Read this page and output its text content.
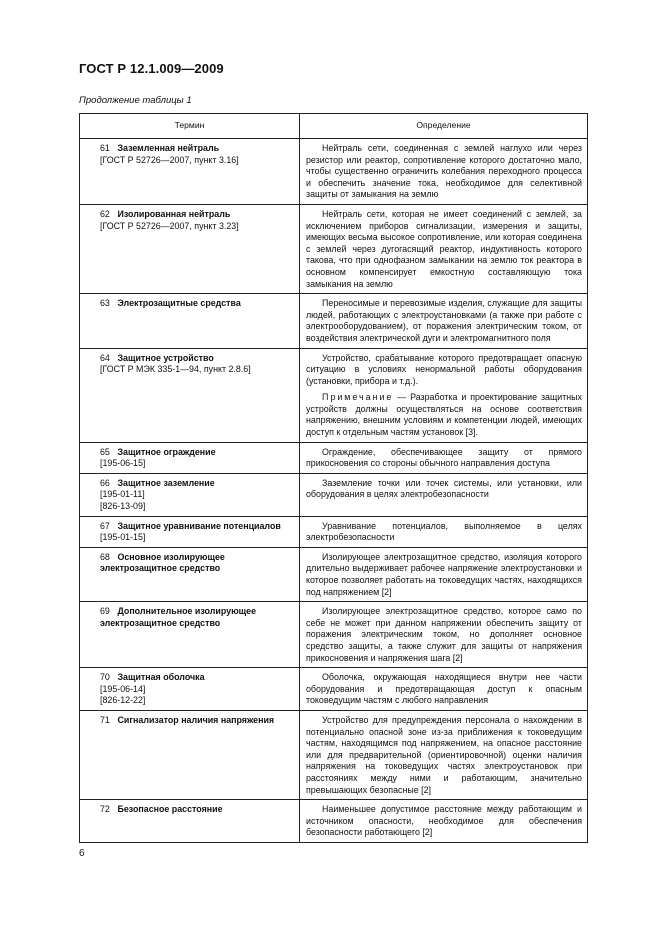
ГОСТ Р 12.1.009—2009
Продолжение таблицы 1
Термин	Определение

61 Заземленная нейтраль
[ГОСТ Р 52726—2007, пункт 3.16]	Нейтраль сети, соединенная с землей наглухо или через резистор или реактор, сопротивление которого достаточно мало, чтобы существенно ограничить колебания переходного процесса и обеспечить значение тока, необходимое для селективной защиты от замыкания на землю

62 Изолированная нейтраль
[ГОСТ Р 52726—2007, пункт 3.23]	Нейтраль сети, которая не имеет соединений с землей, за исключением приборов сигнализации, измерения и защиты, имеющих весьма высокое сопротивление, или которая соединена с землей через дугогасящий реактор, индуктивность которого такова, что при однофазном замыкании на землю ток реактора в основном компенсирует емкостную составляющую тока замыкания на землю

63 Электрозащитные средства	Переносимые и перевозимые изделия, служащие для защиты людей, работающих с электроустановками (а также при работе с электрооборудованием), от поражения электрическим током, от воздействия электрической дуги и электромагнитного поля

64 Защитное устройство
[ГОСТ Р МЭК 335-1—94, пункт 2.8.6]	Устройство, срабатывание которого предотвращает опасную ситуацию в условиях ненормальной работы оборудования (установки, прибора и т.д.).
Примечание — Разработка и проектирование защитных устройств должны осуществляться на основе соответствия напряжению, внешним условиям и компетенции людей, имеющих доступ к отдельным частям установок [3].

65 Защитное ограждение
[195-06-15]	Ограждение, обеспечивающее защиту от прямого прикосновения со стороны обычного направления доступа

66 Защитное заземление
[195-01-11]
[826-13-09]	Заземление точки или точек системы, или установки, или оборудования в целях электробезопасности

67 Защитное уравнивание потенциалов
[195-01-15]	Уравнивание потенциалов, выполняемое в целях электробезопасности

68 Основное изолирующее электрозащитное средство	Изолирующее электрозащитное средство, изоляция которого длительно выдерживает рабочее напряжение электроустановки и которое позволяет работать на токоведущих частях, находящихся под напряжением [2]

69 Дополнительное изолирующее электрозащитное средство	Изолирующее электрозащитное средство, которое само по себе не может при данном напряжении обеспечить защиту от поражения электрическим током, но дополняет основное средство защиты, а также служит для защиты от напряжения прикосновения и напряжения шага [2]

70 Защитная оболочка
[195-06-14]
[826-12-22]	Оболочка, окружающая находящиеся внутри нее части оборудования и предотвращающая доступ к опасным токоведущим частям с любого направления

71 Сигнализатор наличия напряжения	Устройство для предупреждения персонала о нахождении в потенциально опасной зоне из-за приближения к токоведущим частям, находящимся под напряжением, на опасное расстояние или для предварительной (ориентировочной) оценки наличия напряжения на токоведущих частях электроустановок при расстояниях между ними и работающим, значительно превышающих безопасные [2]

72 Безопасное расстояние	Наименьшее допустимое расстояние между работающим и источником опасности, необходимое для обеспечения безопасности работающего [2]
6
